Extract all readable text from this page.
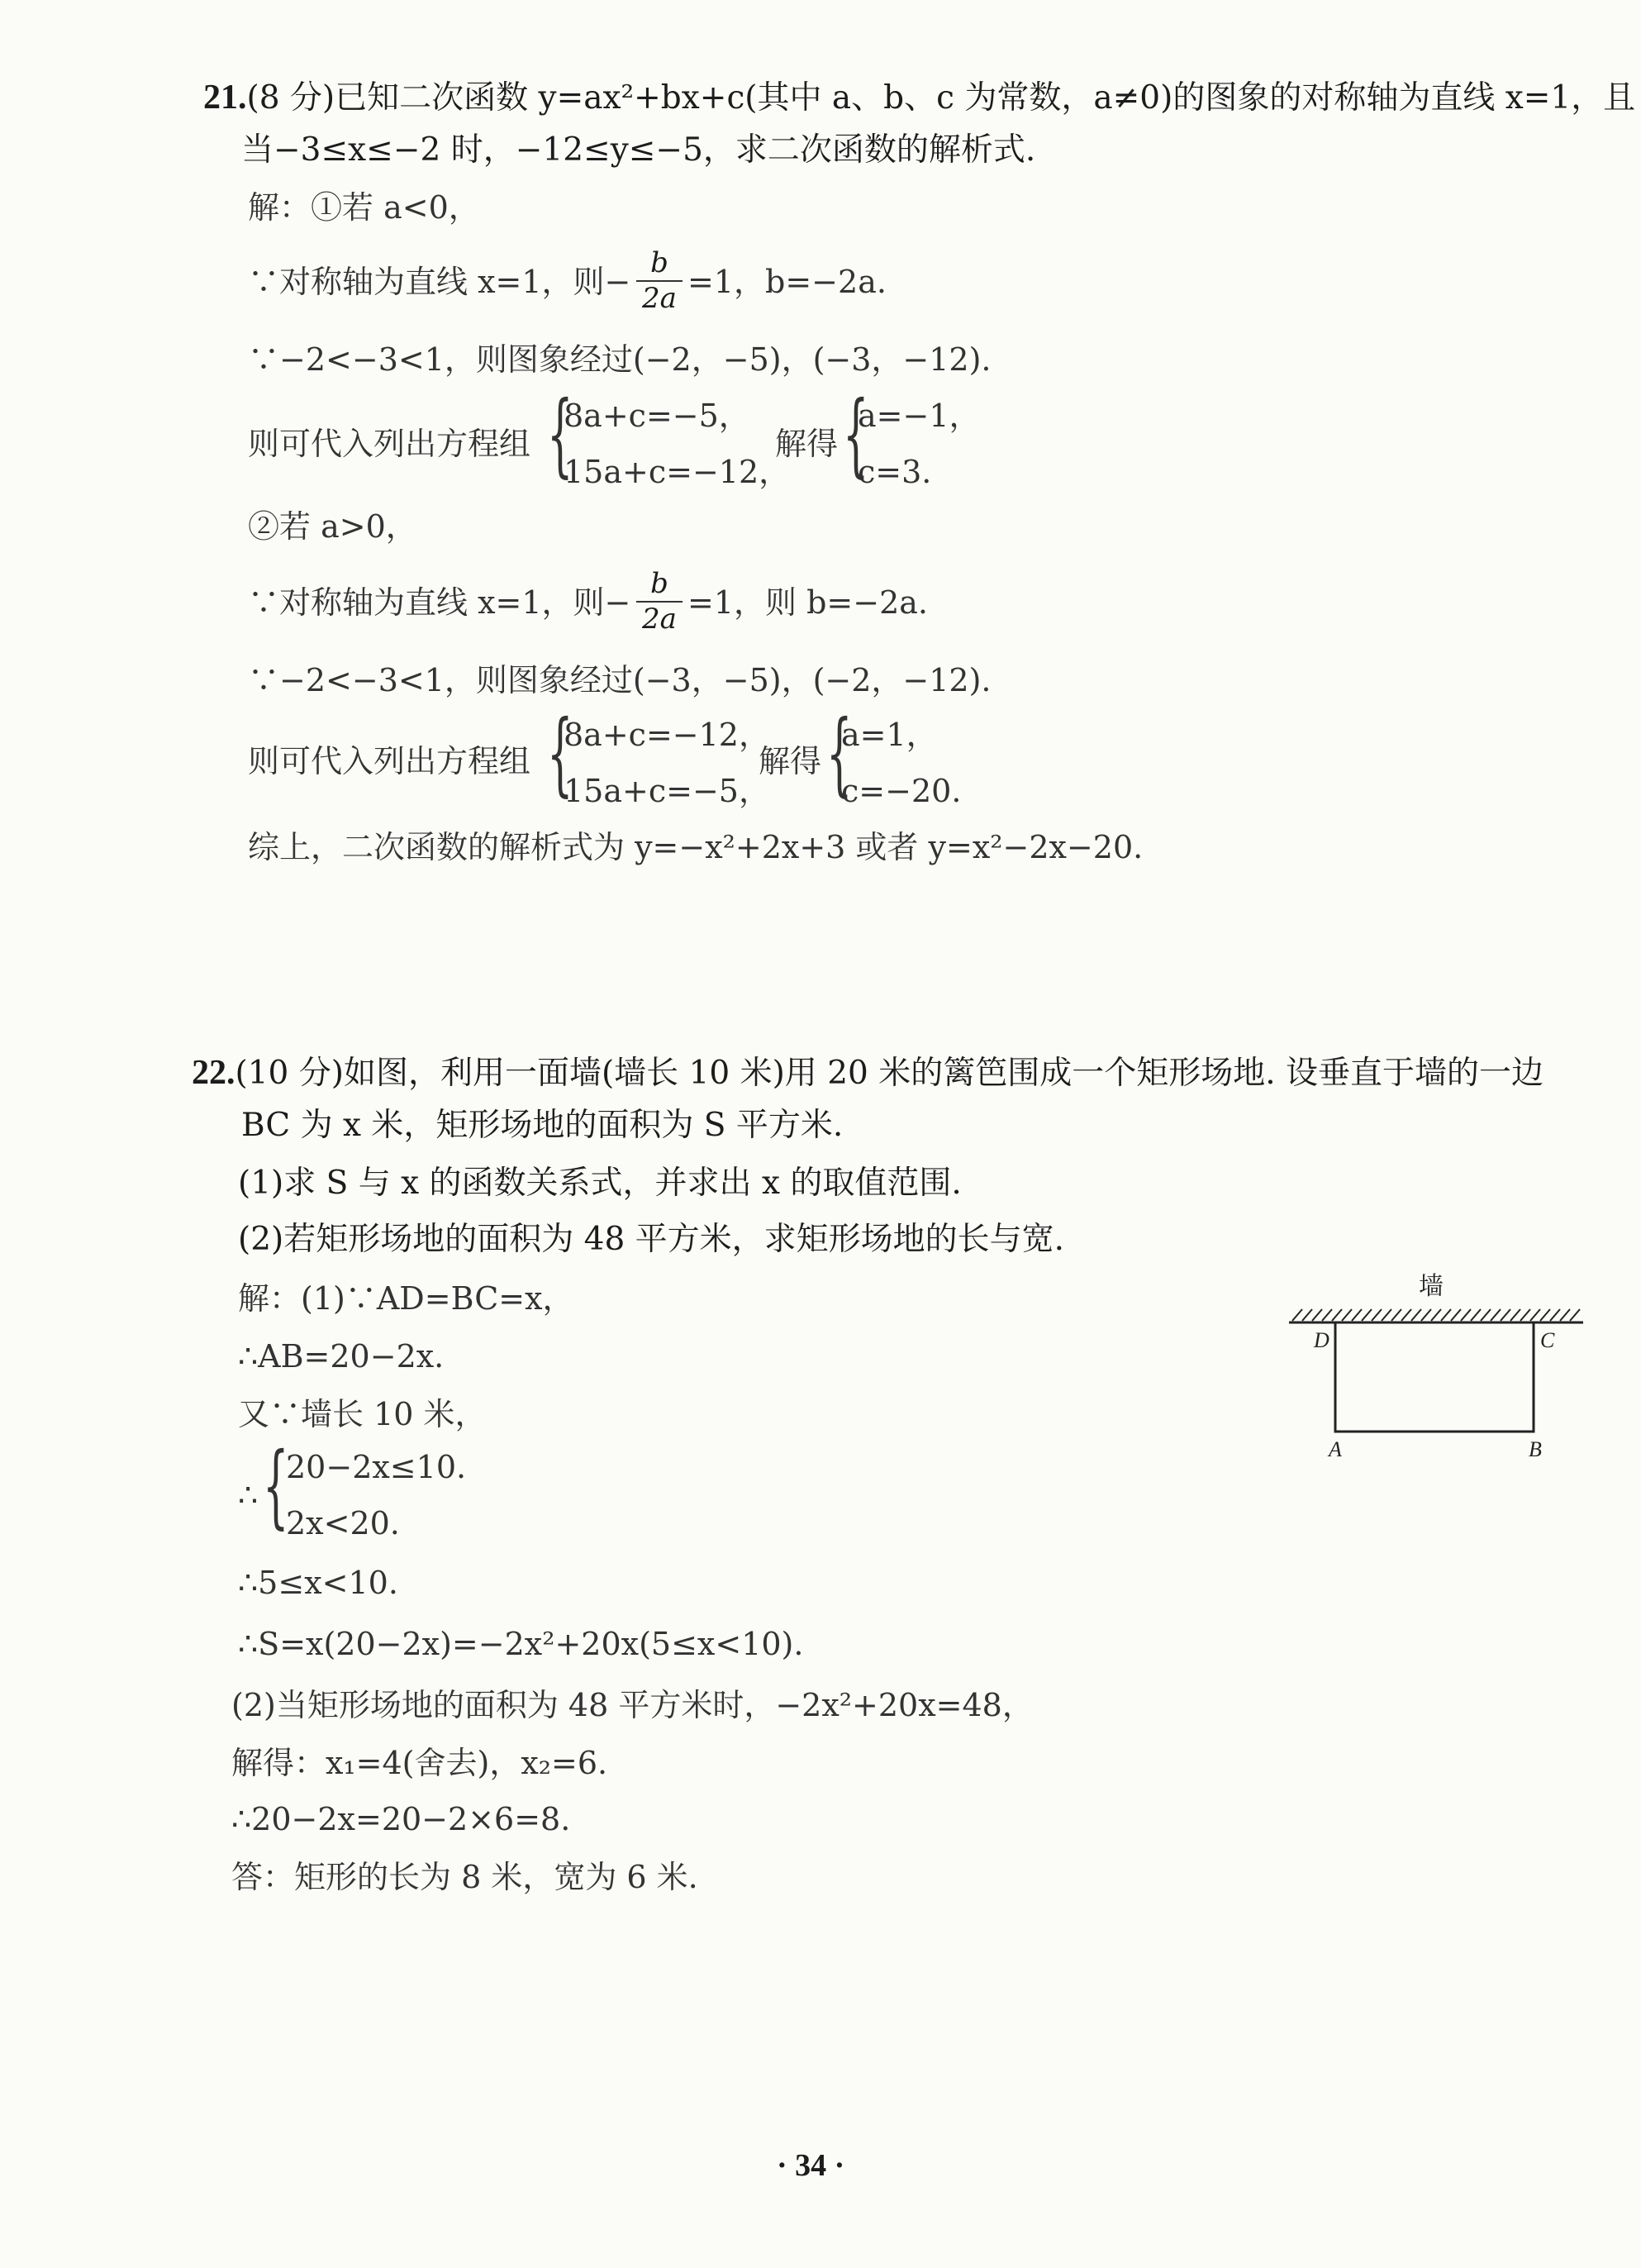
21.(8 分)已知二次函数 y=ax²+bx+c(其中 a、b、c 为常数，a≠0)的图象的对称轴为直线 x=1，且
当−3≤x≤−2 时，−12≤y≤−5，求二次函数的解析式.
解：①若 a<0，
∵对称轴为直线 x=1，则−
b
2a =1，b=−2a.
∵−2<−3<1，则图象经过(−2，−5)，(−3，−12).
则可代入列出方程组 {
8a+c=−5，
15a+c=−12，
解得 {
a=−1，
c=3.
②若 a>0，
∵对称轴为直线 x=1，则−
b
2a =1，则 b=−2a.
∵−2<−3<1，则图象经过(−3，−5)，(−2，−12).
则可代入列出方程组 {
8a+c=−12，
15a+c=−5，
解得 {
a=1，
c=−20.
综上，二次函数的解析式为 y=−x²+2x+3 或者 y=x²−2x−20.
22.(10 分)如图，利用一面墙(墙长 10 米)用 20 米的篱笆围成一个矩形场地. 设垂直于墙的一边
BC 为 x 米，矩形场地的面积为 S 平方米.
(1)求 S 与 x 的函数关系式，并求出 x 的取值范围.
(2)若矩形场地的面积为 48 平方米，求矩形场地的长与宽.
解：(1)∵AD=BC=x，
∴AB=20−2x.
又∵墙长 10 米，
∴ {
20−2x≤10.
2x<20.
∴5≤x<10.
∴S=x(20−2x)=−2x²+20x(5≤x<10).
(2)当矩形场地的面积为 48 平方米时，−2x²+20x=48，
解得：x₁=4(舍去)，x₂=6.
∴20−2x=20−2×6=8.
答：矩形的长为 8 米，宽为 6 米.
墙
D	C
A	B
· 34 ·
